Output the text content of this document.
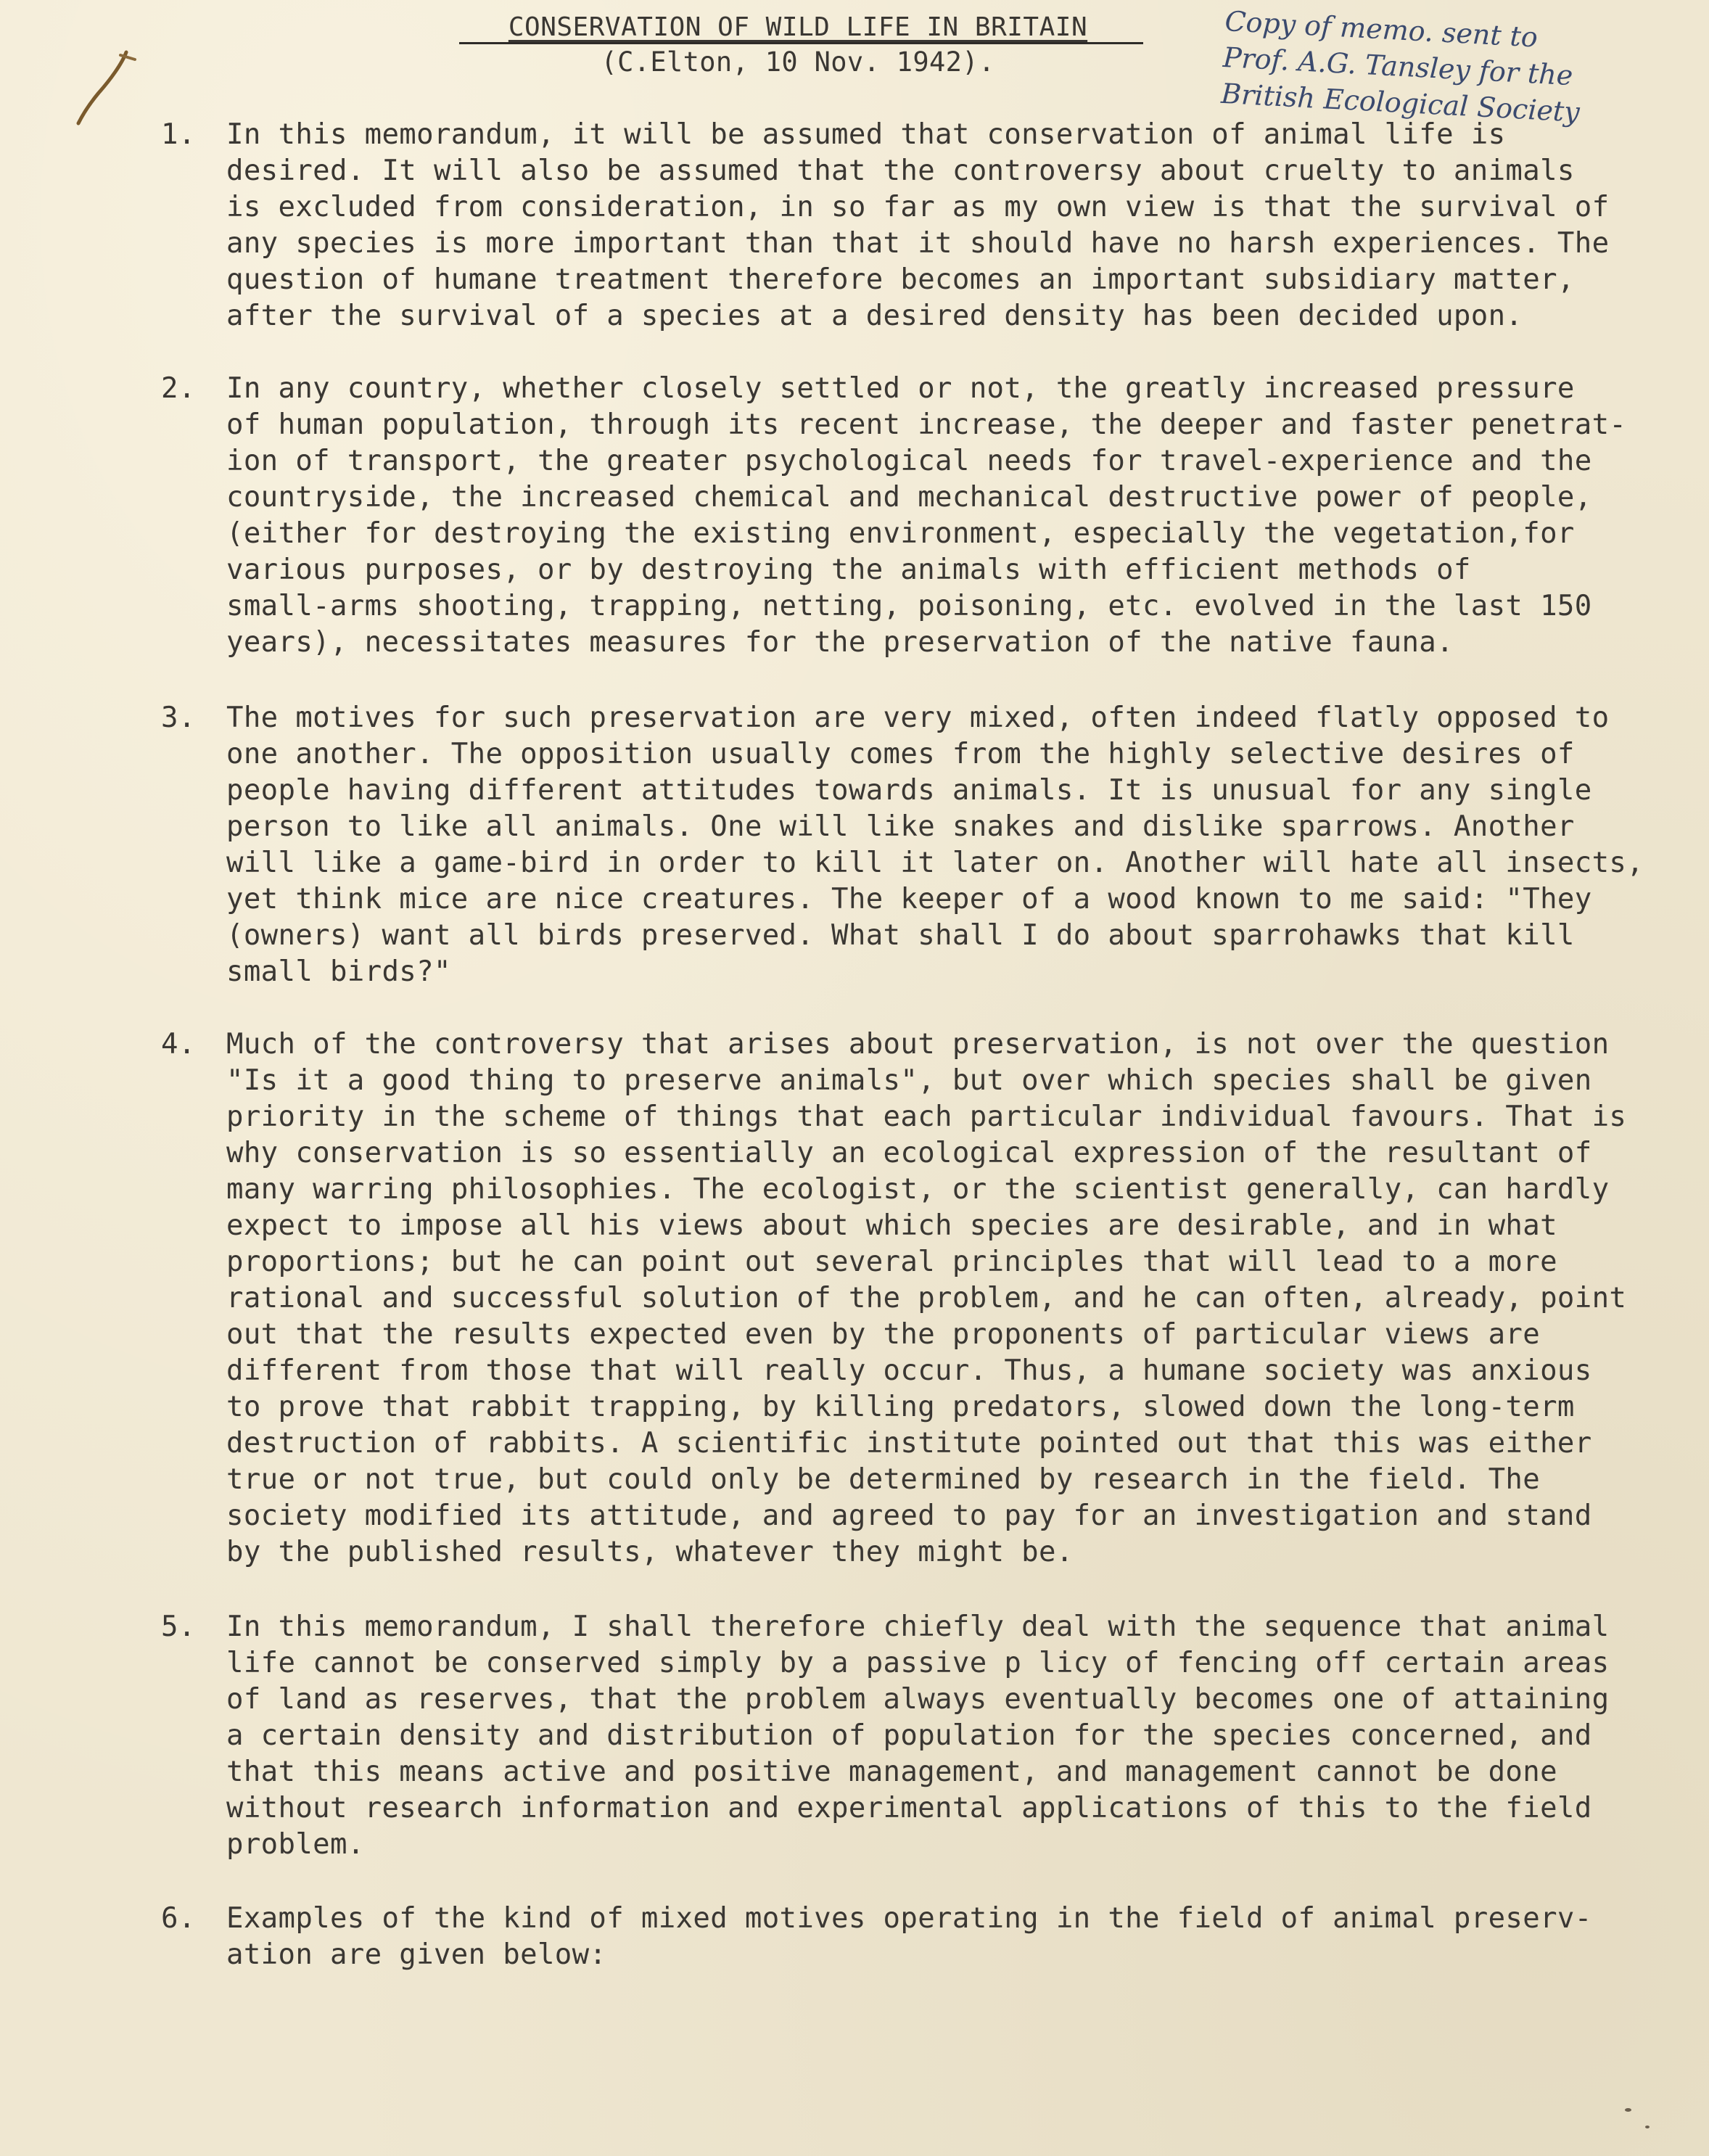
CONSERVATION OF WILD LIFE IN BRITAIN
(C.Elton, 10 Nov. 1942).
Copy of memo. sent to
Prof. A.G. Tansley for the
British Ecological Society
1.	In this memorandum, it will be assumed that conservation of animal life is
desired. It will also be assumed that the controversy about cruelty to animals
is excluded from consideration, in so far as my own view is that the survival of
any species is more important than that it should have no harsh experiences. The
question of humane treatment therefore becomes an important subsidiary matter,
after the survival of a species at a desired density has been decided upon.
2.	In any country, whether closely settled or not, the greatly increased pressure
of human population, through its recent increase, the deeper and faster penetrat-
ion of transport, the greater psychological needs for travel-experience and the
countryside, the increased chemical and mechanical destructive power of people,
(either for destroying the existing environment, especially the vegetation,for
various purposes, or by destroying the animals with efficient methods of
small-arms shooting, trapping, netting, poisoning, etc. evolved in the last 150
years), necessitates measures for the preservation of the native fauna.
3.	The motives for such preservation are very mixed, often indeed flatly opposed to
one another. The opposition usually comes from the highly selective desires of
people having different attitudes towards animals. It is unusual for any single
person to like all animals. One will like snakes and dislike sparrows. Another
will like a game-bird in order to kill it later on. Another will hate all insects,
yet think mice are nice creatures. The keeper of a wood known to me said: "They
(owners) want all birds preserved. What shall I do about sparrohawks that kill
small birds?"
4.	Much of the controversy that arises about preservation, is not over the question
"Is it a good thing to preserve animals", but over which species shall be given
priority in the scheme of things that each particular individual favours. That is
why conservation is so essentially an ecological expression of the resultant of
many warring philosophies. The ecologist, or the scientist generally, can hardly
expect to impose all his views about which species are desirable, and in what
proportions; but he can point out several principles that will lead to a more
rational and successful solution of the problem, and he can often, already, point
out that the results expected even by the proponents of particular views are
different from those that will really occur. Thus, a humane society was anxious
to prove that rabbit trapping, by killing predators, slowed down the long-term
destruction of rabbits. A scientific institute pointed out that this was either
true or not true, but could only be determined by research in the field. The
society modified its attitude, and agreed to pay for an investigation and stand
by the published results, whatever they might be.
5.	In this memorandum, I shall therefore chiefly deal with the sequence that animal
life cannot be conserved simply by a passive p licy of fencing off certain areas
of land as reserves, that the problem always eventually becomes one of attaining
a certain density and distribution of population for the species concerned, and
that this means active and positive management, and management cannot be done
without research information and experimental applications of this to the field
problem.
6.	Examples of the kind of mixed motives operating in the field of animal preserv-
ation are given below:
